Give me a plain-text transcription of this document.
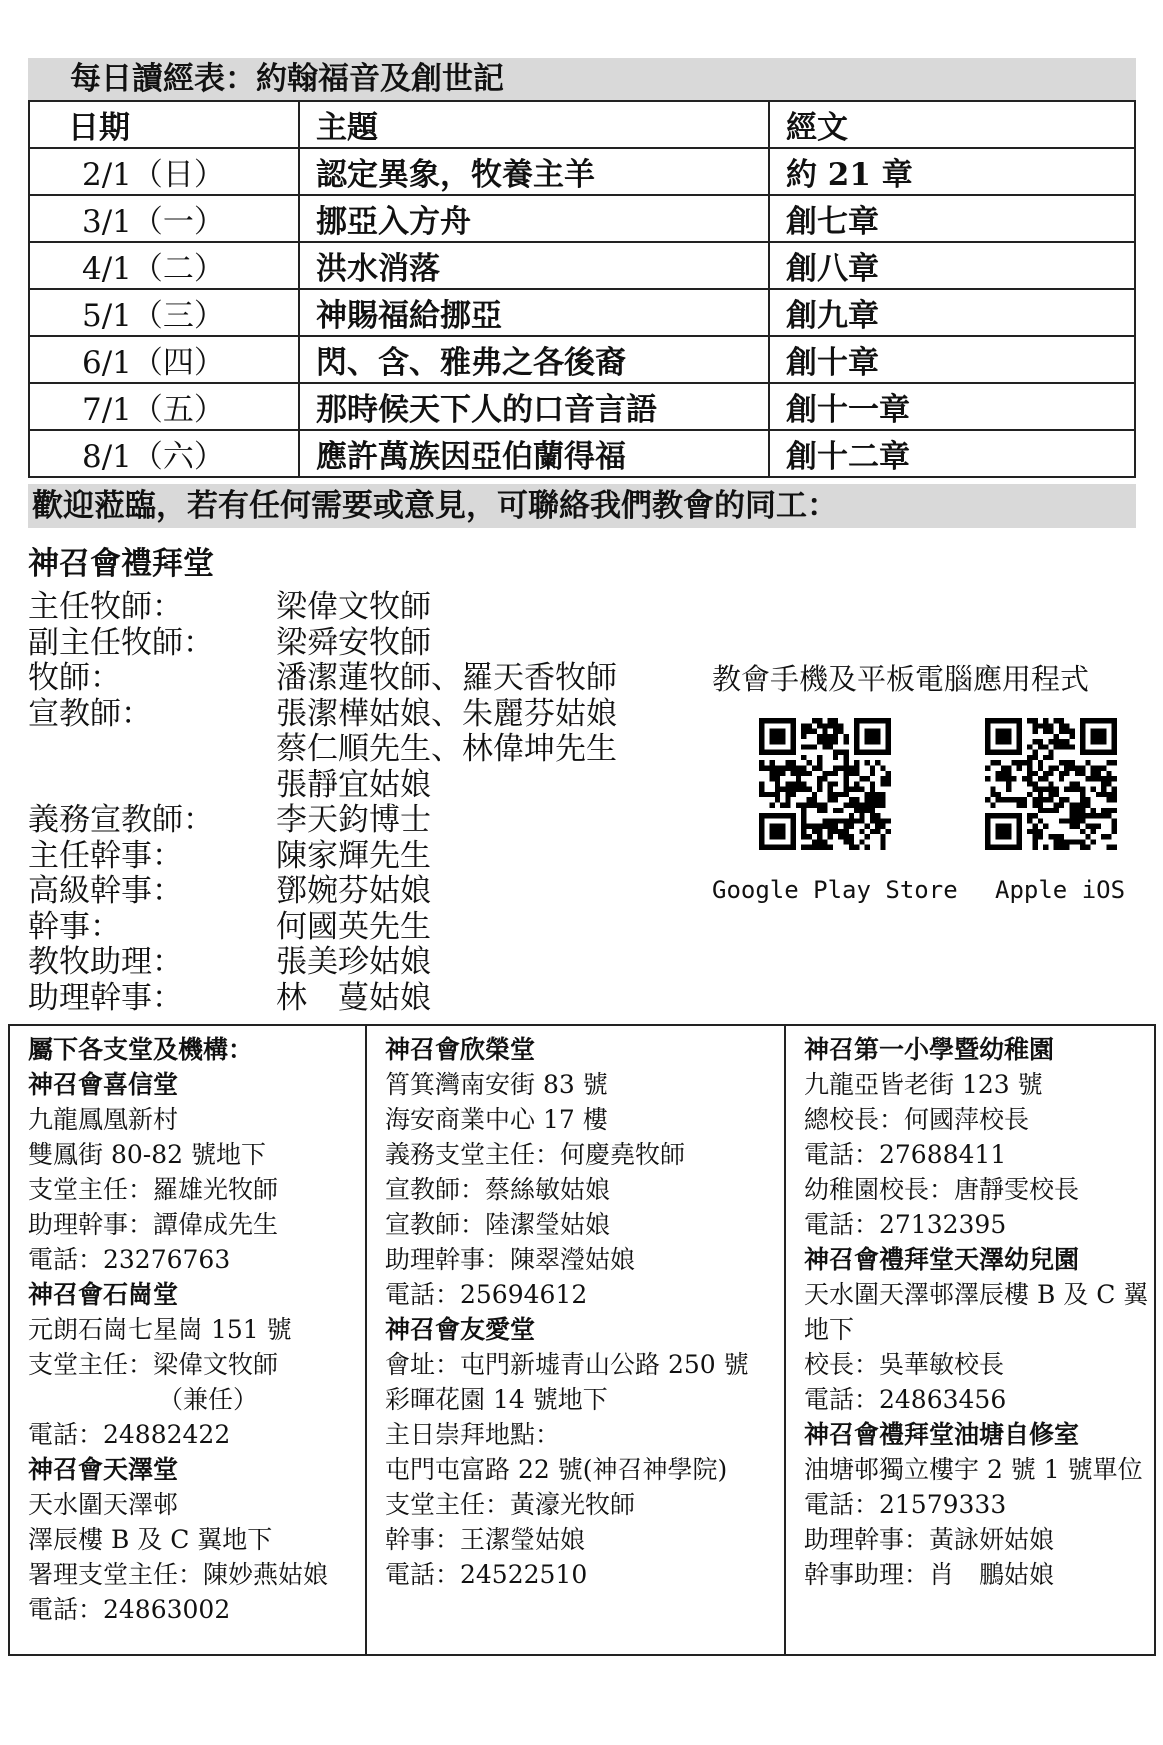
每日讀經表：約翰福音及創世記
日期	主題	經文
2/1（日）	認定異象，牧養主羊	約 21 章
3/1（一）	挪亞入方舟	創七章
4/1（二）	洪水消落	創八章
5/1（三）	神賜福給挪亞	創九章
6/1（四）	閃、含、雅弗之各後裔	創十章
7/1（五）	那時候天下人的口音言語	創十一章
8/1（六）	應許萬族因亞伯蘭得福	創十二章
歡迎蒞臨，若有任何需要或意見，可聯絡我們教會的同工：
神召會禮拜堂
主任牧師：	梁偉文牧師
副主任牧師：	梁舜安牧師
牧師：	潘潔蓮牧師、羅天香牧師
宣教師：	張潔樺姑娘、朱麗芬姑娘
蔡仁順先生、林偉坤先生
張靜宜姑娘
義務宣教師：	李天鈞博士
主任幹事：	陳家輝先生
高級幹事：	鄧婉芬姑娘
幹事：	何國英先生
教牧助理：	張美珍姑娘
助理幹事：	林　蔓姑娘
教會手機及平板電腦應用程式
Google Play Store Apple iOS
屬下各支堂及機構：
神召會喜信堂
九龍鳳凰新村
雙鳳街 80-82 號地下
支堂主任：羅雄光牧師
助理幹事：譚偉成先生
電話：23276763
神召會石崗堂
元朗石崗七星崗 151 號
支堂主任：梁偉文牧師
（兼任）
電話：24882422
神召會天澤堂
天水圍天澤邨
澤辰樓 B 及 C 翼地下
署理支堂主任：陳妙燕姑娘
電話：24863002
神召會欣榮堂
筲箕灣南安街 83 號
海安商業中心 17 樓
義務支堂主任：何慶堯牧師
宣教師：蔡絲敏姑娘
宣教師：陸潔瑩姑娘
助理幹事：陳翠瀅姑娘
電話：25694612
神召會友愛堂
會址：屯門新墟青山公路 250 號
彩暉花園 14 號地下
主日崇拜地點：
屯門屯富路 22 號(神召神學院)
支堂主任：黃濠光牧師
幹事：王潔瑩姑娘
電話：24522510
神召第一小學暨幼稚園
九龍亞皆老街 123 號
總校長：何國萍校長
電話：27688411
幼稚園校長：唐靜雯校長
電話：27132395
神召會禮拜堂天澤幼兒園
天水圍天澤邨澤辰樓 B 及 C 翼
地下
校長：吳華敏校長
電話：24863456
神召會禮拜堂油塘自修室
油塘邨獨立樓宇 2 號 1 號單位
電話：21579333
助理幹事：黃詠妍姑娘
幹事助理：肖　鵬姑娘
